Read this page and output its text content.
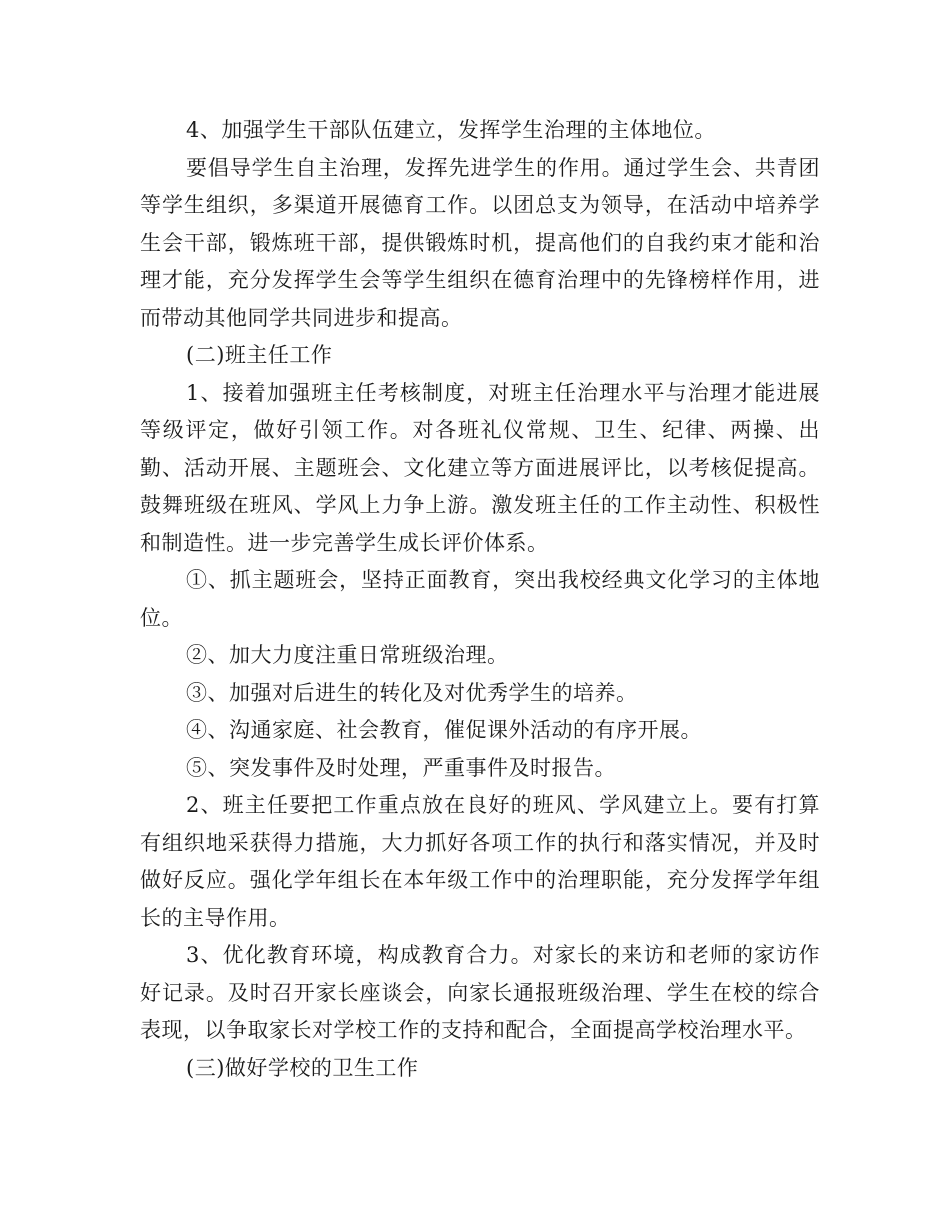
4、加强学生干部队伍建立，发挥学生治理的主体地位。

要倡导学生自主治理，发挥先进学生的作用。通过学生会、共青团等学生组织，多渠道开展德育工作。以团总支为领导，在活动中培养学生会干部，锻炼班干部，提供锻炼时机，提高他们的自我约束才能和治理才能，充分发挥学生会等学生组织在德育治理中的先锋榜样作用，进而带动其他同学共同进步和提高。

(二)班主任工作

1、接着加强班主任考核制度，对班主任治理水平与治理才能进展等级评定，做好引领工作。对各班礼仪常规、卫生、纪律、两操、出勤、活动开展、主题班会、文化建立等方面进展评比，以考核促提高。鼓舞班级在班风、学风上力争上游。激发班主任的工作主动性、积极性和制造性。进一步完善学生成长评价体系。

①、抓主题班会，坚持正面教育，突出我校经典文化学习的主体地位。

②、加大力度注重日常班级治理。

③、加强对后进生的转化及对优秀学生的培养。

④、沟通家庭、社会教育，催促课外活动的有序开展。

⑤、突发事件及时处理，严重事件及时报告。

2、班主任要把工作重点放在良好的班风、学风建立上。要有打算有组织地采获得力措施，大力抓好各项工作的执行和落实情况，并及时做好反应。强化学年组长在本年级工作中的治理职能，充分发挥学年组长的主导作用。

3、优化教育环境，构成教育合力。对家长的来访和老师的家访作好记录。及时召开家长座谈会，向家长通报班级治理、学生在校的综合表现，以争取家长对学校工作的支持和配合，全面提高学校治理水平。

(三)做好学校的卫生工作
